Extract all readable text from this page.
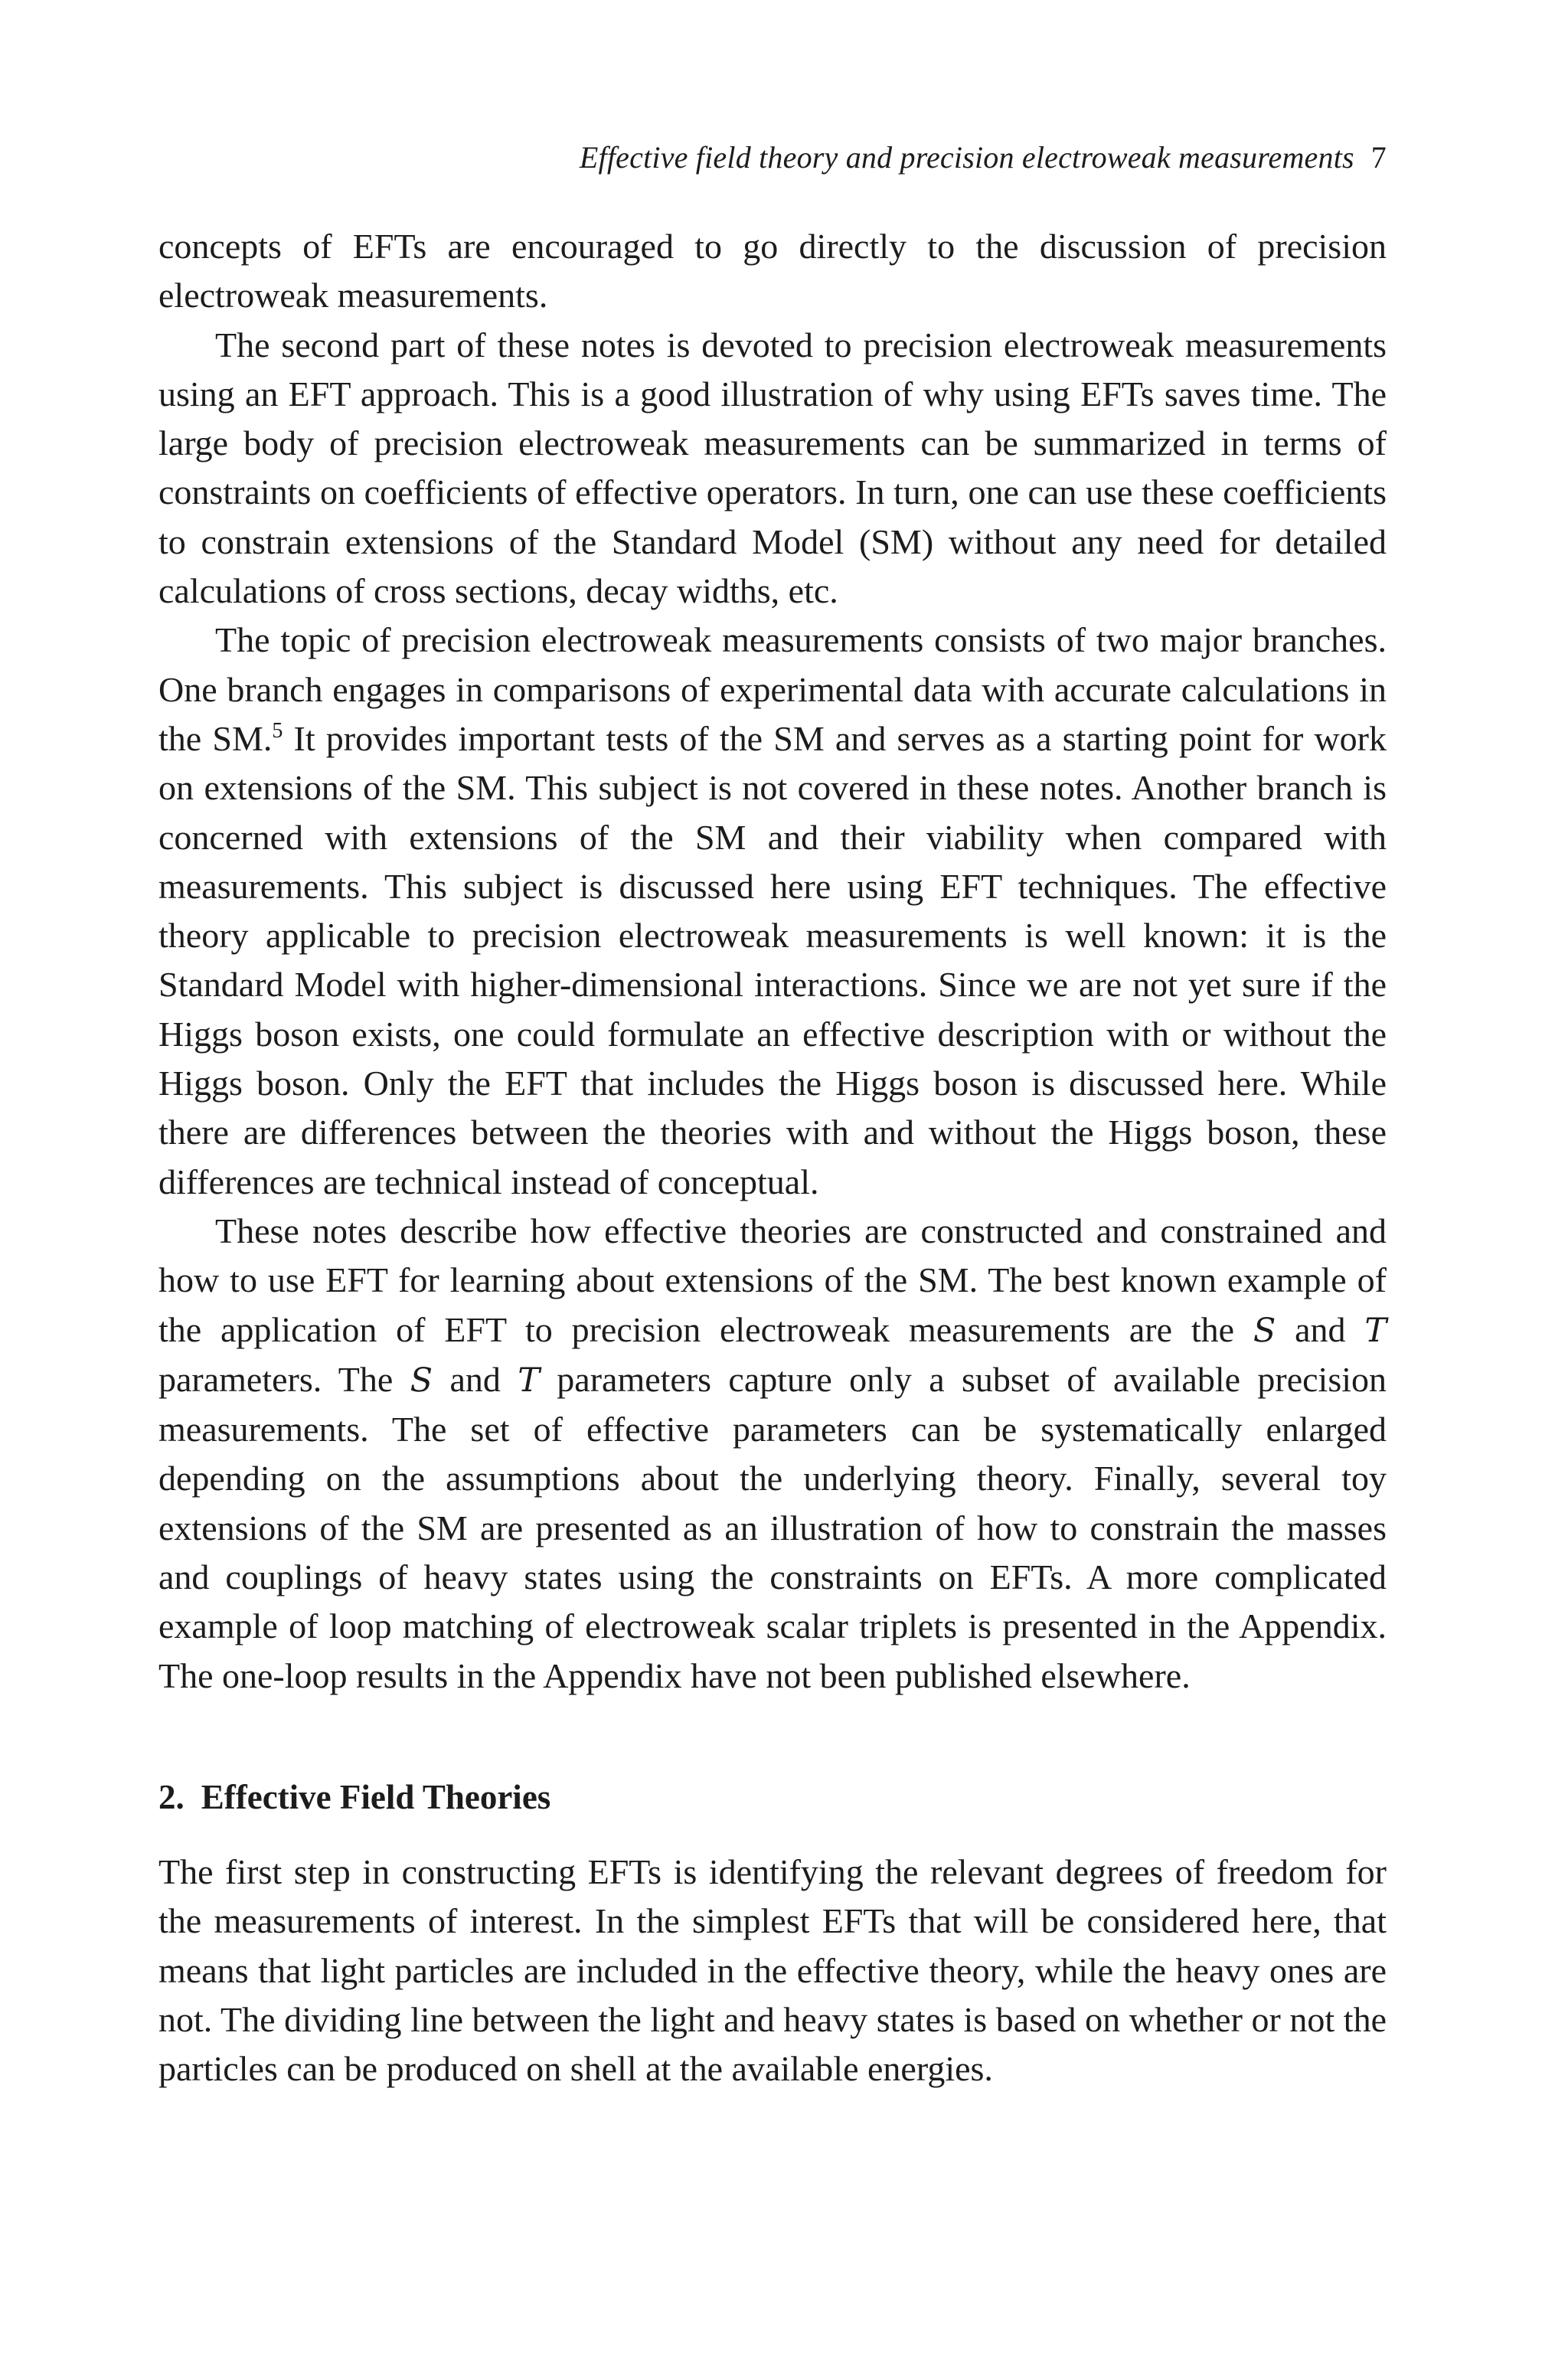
Effective field theory and precision electroweak measurements 7

concepts of EFTs are encouraged to go directly to the discussion of precision electroweak measurements.

The second part of these notes is devoted to precision electroweak measurements using an EFT approach. This is a good illustration of why using EFTs saves time. The large body of precision electroweak measurements can be summarized in terms of constraints on coefficients of effective operators. In turn, one can use these coefficients to constrain extensions of the Standard Model (SM) without any need for detailed calculations of cross sections, decay widths, etc.

The topic of precision electroweak measurements consists of two major branches. One branch engages in comparisons of experimental data with accurate calculations in the SM.$^5$ It provides important tests of the SM and serves as a starting point for work on extensions of the SM. This subject is not covered in these notes. Another branch is concerned with extensions of the SM and their viability when compared with measurements. This subject is discussed here using EFT techniques. The effective theory applicable to precision electroweak measurements is well known: it is the Standard Model with higher-dimensional interactions. Since we are not yet sure if the Higgs boson exists, one could formulate an effective description with or without the Higgs boson. Only the EFT that includes the Higgs boson is discussed here. While there are differences between the theories with and without the Higgs boson, these differences are technical instead of conceptual.

These notes describe how effective theories are constructed and constrained and how to use EFT for learning about extensions of the SM. The best known example of the application of EFT to precision electroweak measurements are the S and T parameters. The S and T parameters capture only a subset of available precision measurements. The set of effective parameters can be systematically enlarged depending on the assumptions about the underlying theory. Finally, several toy extensions of the SM are presented as an illustration of how to constrain the masses and couplings of heavy states using the constraints on EFTs. A more complicated example of loop matching of electroweak scalar triplets is presented in the Appendix. The one-loop results in the Appendix have not been published elsewhere.

2. Effective Field Theories

The first step in constructing EFTs is identifying the relevant degrees of freedom for the measurements of interest. In the simplest EFTs that will be considered here, that means that light particles are included in the effective theory, while the heavy ones are not. The dividing line between the light and heavy states is based on whether or not the particles can be produced on shell at the available energies.
